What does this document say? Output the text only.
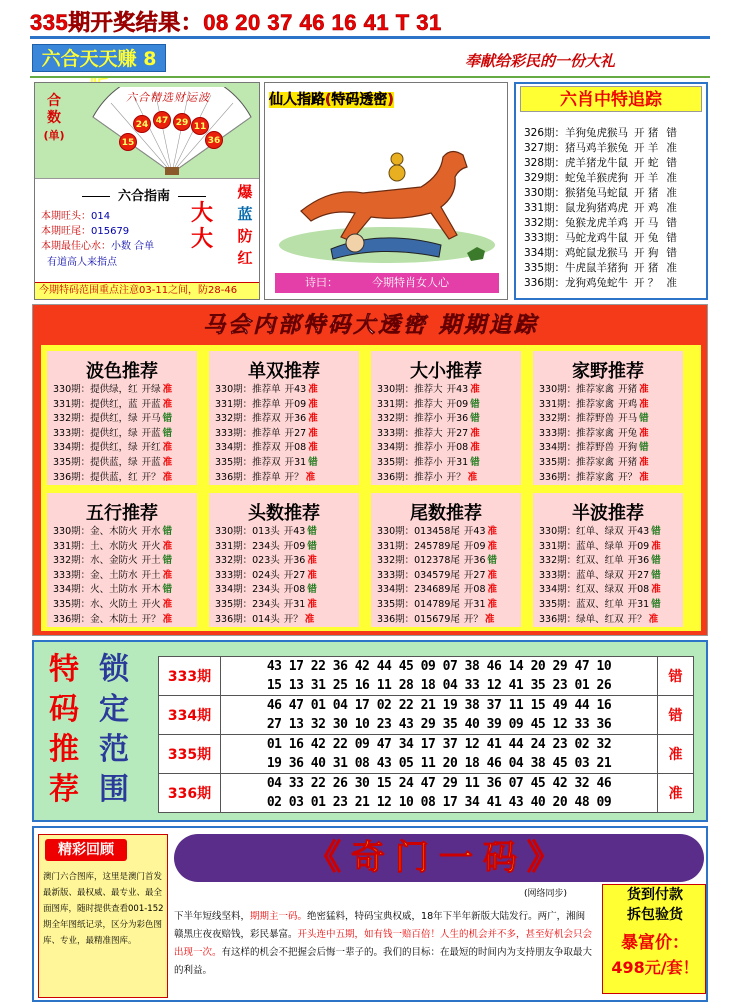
335期开奖结果：08 20 37 46 16 41 T 31
六合天天赚 8	奉献给彩民的一份大礼
合
数
(单)
六合精选财运波
15
24 47 29 11
36
六合指南
本期旺头：014
本期旺尾：015679
本期最佳心水：小数 合单
有道高人来指点
大
大
爆
蓝
防
红
今期特码范围重点注意03-11之间，防28-46
仙人指路(特码透密)
诗曰：	今期特肖女人心
六肖中特追踪
326期：羊狗兔虎猴马 开 猪 错
327期：猪马鸡羊猴兔 开 羊 准
328期：虎羊猪龙牛鼠 开 蛇 错
329期：蛇兔羊猴虎狗 开 羊 准
330期：猴猪兔马蛇鼠 开 猪 准
331期：鼠龙狗猪鸡虎 开 鸡 准
332期：兔猴龙虎羊鸡 开 马 错
333期：马蛇龙鸡牛鼠 开 兔 错
334期：鸡蛇鼠龙猴马 开 狗 错
335期：牛虎鼠羊猪狗 开 猪 准
336期：龙狗鸡兔蛇牛 开 ？ 准
马会内部特码大透密 期期追踪
波色推荐
330期：提供绿，红 开绿 准
331期：提供红，蓝 开蓝 准
332期：提供红，绿 开马 错
333期：提供红，绿 开蓝 错
334期：提供红，绿 开红 准
335期：提供蓝，绿 开蓝 准
336期：提供蓝，红 开？ 准
单双推荐
330期：推荐单 开43 准
331期：推荐单 开09 准
332期：推荐双 开36 准
333期：推荐单 开27 准
334期：推荐双 开08 准
335期：推荐双 开31 错
336期：推荐单 开？ 准
大小推荐
330期：推荐大 开43 准
331期：推荐大 开09 错
332期：推荐小 开36 错
333期：推荐大 开27 准
334期：推荐小 开08 准
335期：推荐小 开31 错
336期：推荐小 开？ 准
家野推荐
330期：推荐家禽 开猪 准
331期：推荐家禽 开鸡 准
332期：推荐野兽 开马 错
333期：推荐家禽 开兔 准
334期：推荐野兽 开狗 错
335期：推荐家禽 开猪 准
336期：推荐家禽 开？ 准
五行推荐
330期：金、木防火 开水 错
331期：土、水防火 开火 准
332期：水、金防火 开土 错
333期：金、土防水 开土 准
334期：火、土防水 开木 错
335期：水、火防土 开火 准
336期：金、木防土 开？ 准
头数推荐
330期：013头 开43 错
331期：234头 开09 错
332期：023头 开36 准
333期：024头 开27 准
334期：234头 开08 错
335期：234头 开31 准
336期：014头 开？ 准
尾数推荐
330期：013458尾 开43 准
331期：245789尾 开09 准
332期：012378尾 开36 错
333期：034579尾 开27 准
334期：234689尾 开08 准
335期：014789尾 开31 准
336期：015679尾 开？ 准
半波推荐
330期：红单、绿双 开43 错
331期：蓝单、绿单 开09 准
332期：红双、红单 开36 错
333期：蓝单、绿双 开27 错
334期：红双、绿双 开08 准
335期：蓝双、红单 开31 错
336期：绿单、红双 开？ 准
特
码
推
荐
锁
定
范
围
333期	43 17 22 36 42 44 45 09 07 38 46 14 20 29 47 10
15 13 31 25 16 11 28 18 04 33 12 41 35 23 01 26	错
334期	46 47 01 04 17 02 22 21 19 38 37 11 15 49 44 16
27 13 32 30 10 23 43 29 35 40 39 09 45 12 33 36	错
335期	01 16 42 22 09 47 34 17 37 12 41 44 24 23 02 32
19 36 40 31 08 43 05 11 20 18 46 04 38 45 03 21	准
336期	04 33 22 26 30 15 24 47 29 11 36 07 45 42 32 46
02 03 01 23 21 12 10 08 17 34 41 43 40 20 48 09	准
精彩回顾
澳门六合图库，这里是澳门首发最新版、最权威、最专业、最全面图库，随时提供查看001-152期全年图纸记录，区分为彩色图库、专业，最精准图库。
《奇门一码》
(网络同步)
下半年短线坚料，期期主一码。绝密猛料，特码宝典权威，18年下半年新版大陆发行。两广，湘闽赣黑庄夜夜赔钱，彩民暴富。开头连中五期，如有钱一赔百倍！人生的机会并不多，甚至好机会只会出现一次。有这样的机会不把握会后悔一辈子的。我们的目标：在最短的时间内为支持朋友争取最大的利益。
货到付款
拆包验货
暴富价：
498元/套！
